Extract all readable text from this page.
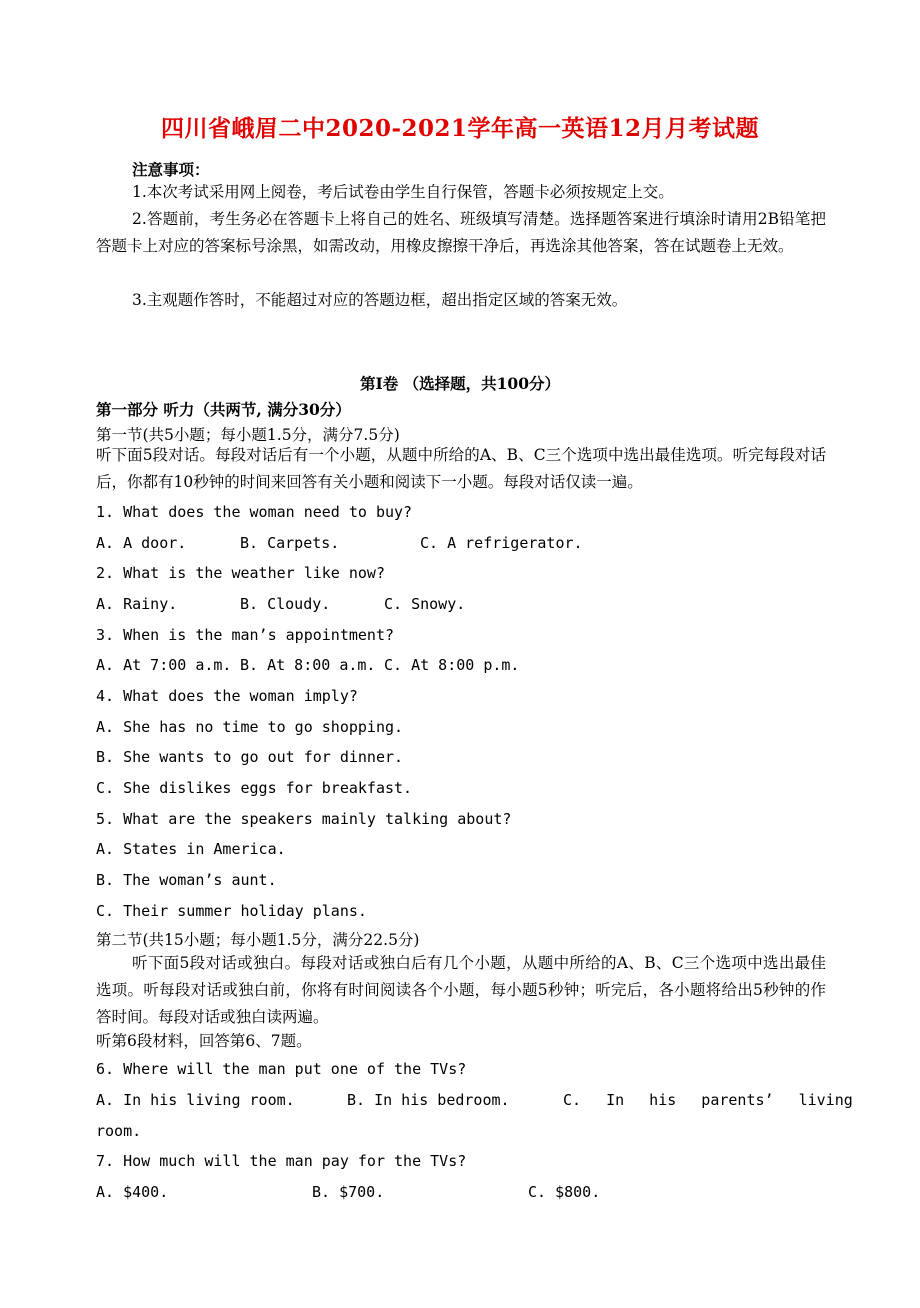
四川省峨眉二中2020-2021学年高一英语12月月考试题
注意事项：
1.本次考试采用网上阅卷，考后试卷由学生自行保管，答题卡必须按规定上交。
2.答题前，考生务必在答题卡上将自己的姓名、班级填写清楚。选择题答案进行填涂时请用2B铅笔把答题卡上对应的答案标号涂黑，如需改动，用橡皮擦擦干净后，再选涂其他答案，答在试题卷上无效。
3.主观题作答时，不能超过对应的答题边框，超出指定区域的答案无效。
第Ⅰ卷 （选择题，共100分）
第一部分 听力（共两节, 满分30分）
第一节(共5小题；每小题1.5分，满分7.5分)
听下面5段对话。每段对话后有一个小题，从题中所给的A、B、C三个选项中选出最佳选项。听完每段对话后，你都有10秒钟的时间来回答有关小题和阅读下一小题。每段对话仅读一遍。
1. What does the woman need to buy?
A. A door.	B. Carpets.	C. A refrigerator.
2. What is the weather like now?
A. Rainy.	B. Cloudy.	C. Snowy.
3. When is the man’s appointment?
A. At 7:00 a.m. B. At 8:00 a.m. C. At 8:00 p.m.
4. What does the woman imply?
A. She has no time to go shopping.
B. She wants to go out for dinner.
C. She dislikes eggs for breakfast.
5. What are the speakers mainly talking about?
A. States in America.
B. The woman’s aunt.
C. Their summer holiday plans.
第二节(共15小题；每小题1.5分，满分22.5分)
听下面5段对话或独白。每段对话或独白后有几个小题，从题中所给的A、B、C三个选项中选出最佳选项。听每段对话或独白前，你将有时间阅读各个小题，每小题5秒钟；听完后，各小题将给出5秒钟的作答时间。每段对话或独白读两遍。
听第6段材料，回答第6、7题。
6. Where will the man put one of the TVs?
A. In his living room.	B. In his bedroom.	C. In his parents’ living
room.
7. How much will the man pay for the TVs?
A. $400.	B. $700.	C. $800.
